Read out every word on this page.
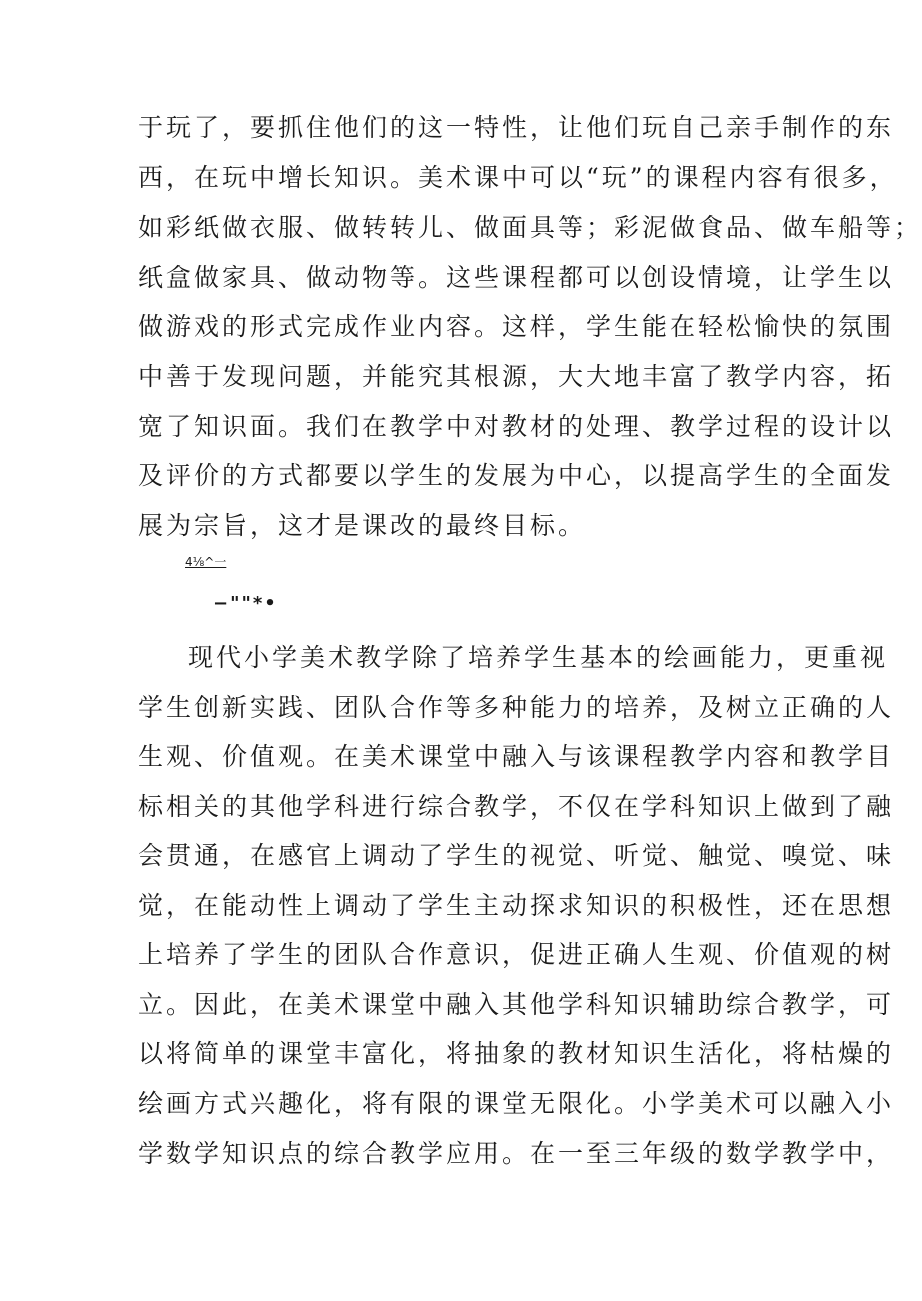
于玩了，要抓住他们的这一特性，让他们玩自己亲手制作的东
西，在玩中增长知识。美术课中可以“玩”的课程内容有很多，
如彩纸做衣服、做转转儿、做面具等；彩泥做食品、做车船等；
纸盒做家具、做动物等。这些课程都可以创设情境，让学生以
做游戏的形式完成作业内容。这样，学生能在轻松愉快的氛围
中善于发现问题，并能究其根源，大大地丰富了教学内容，拓
宽了知识面。我们在教学中对教材的处理、教学过程的设计以
及评价的方式都要以学生的发展为中心，以提高学生的全面发
展为宗旨，这才是课改的最终目标。
4⅛^一
−""*•
现代小学美术教学除了培养学生基本的绘画能力，更重视
学生创新实践、团队合作等多种能力的培养，及树立正确的人
生观、价值观。在美术课堂中融入与该课程教学内容和教学目
标相关的其他学科进行综合教学，不仅在学科知识上做到了融
会贯通，在感官上调动了学生的视觉、听觉、触觉、嗅觉、味
觉，在能动性上调动了学生主动探求知识的积极性，还在思想
上培养了学生的团队合作意识，促进正确人生观、价值观的树
立。因此，在美术课堂中融入其他学科知识辅助综合教学，可
以将简单的课堂丰富化，将抽象的教材知识生活化，将枯燥的
绘画方式兴趣化，将有限的课堂无限化。小学美术可以融入小
学数学知识点的综合教学应用。在一至三年级的数学教学中，
